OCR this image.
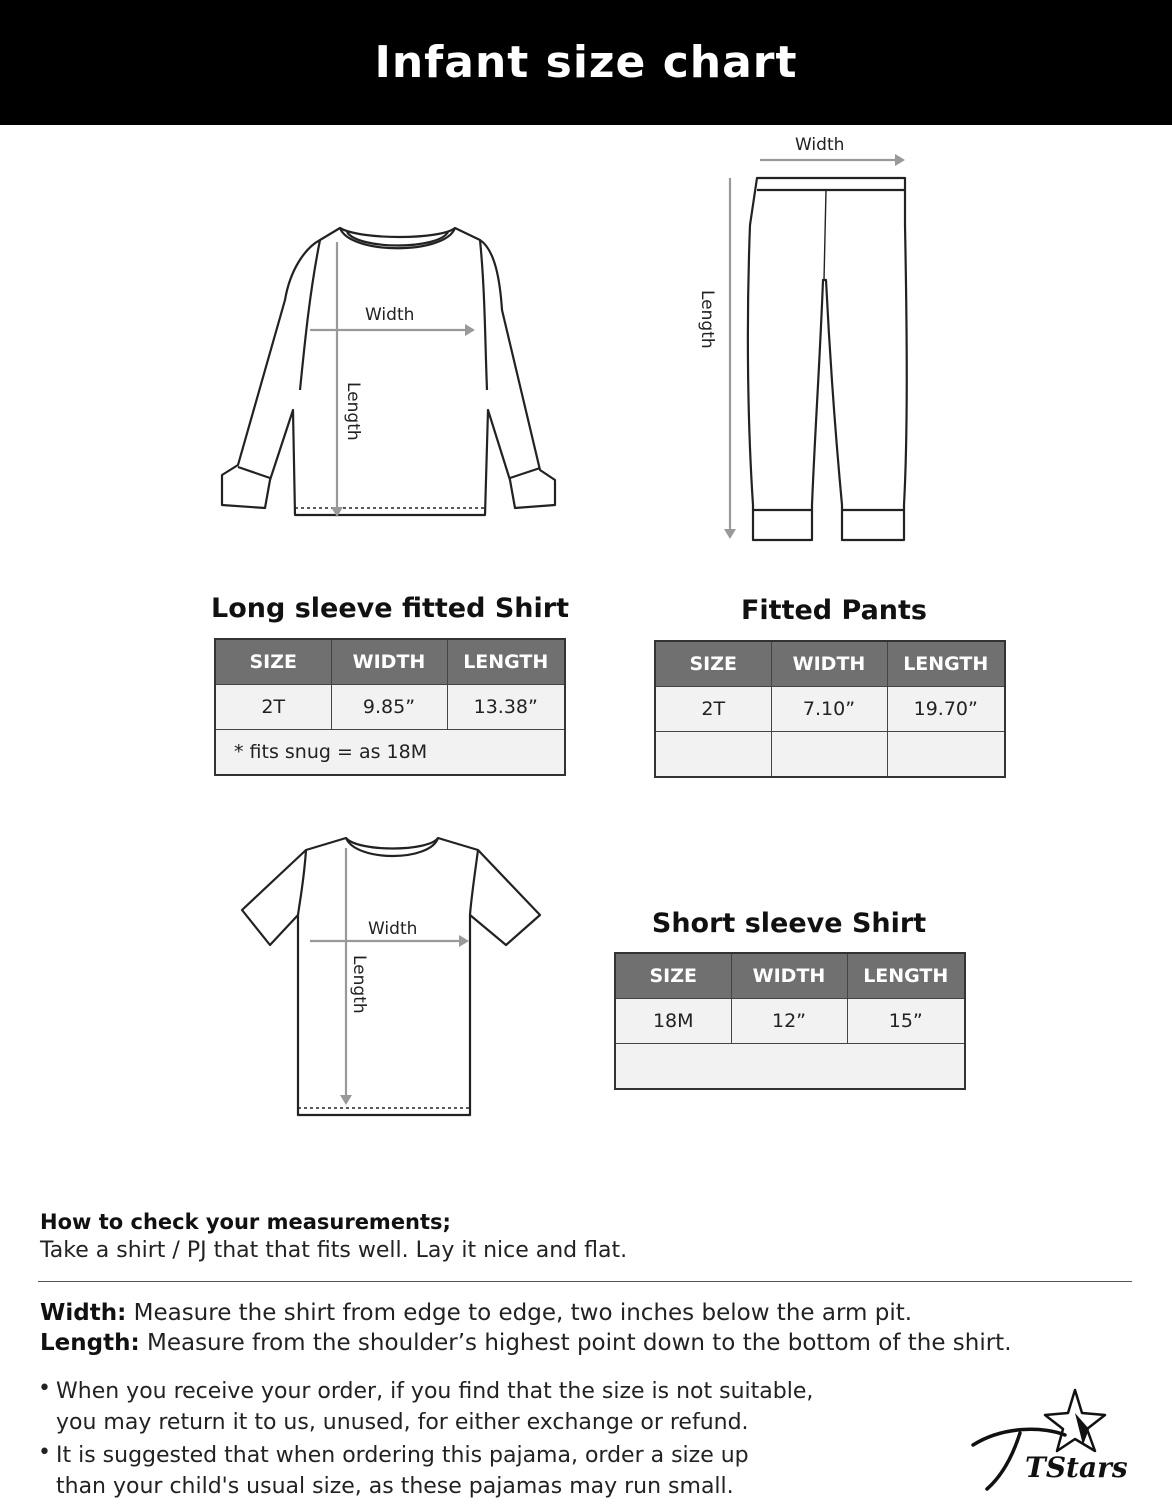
Infant size chart
Width
Length
Width
Length
Long sleeve fitted Shirt
SIZE	WIDTH	LENGTH
2T	9.85”	13.38”
* fits snug = as 18M		
Fitted Pants
SIZE	WIDTH	LENGTH
2T	7.10”	19.70”

Width
Length
Short sleeve Shirt
SIZE	WIDTH	LENGTH
18M	12”	15”

How to check your measurements;

Take a shirt / PJ that that fits well. Lay it nice and flat.

Width: Measure the shirt from edge to edge, two inches below the arm pit.

Length: Measure from the shoulder’s highest point down to the bottom of the shirt.

• When you receive your order, if you find that the size is not suitable,
you may return it to us, unused, for either exchange or refund.
• It is suggested that when ordering this pajama, order a size up
than your child's usual size, as these pajamas may run small.
TStars
